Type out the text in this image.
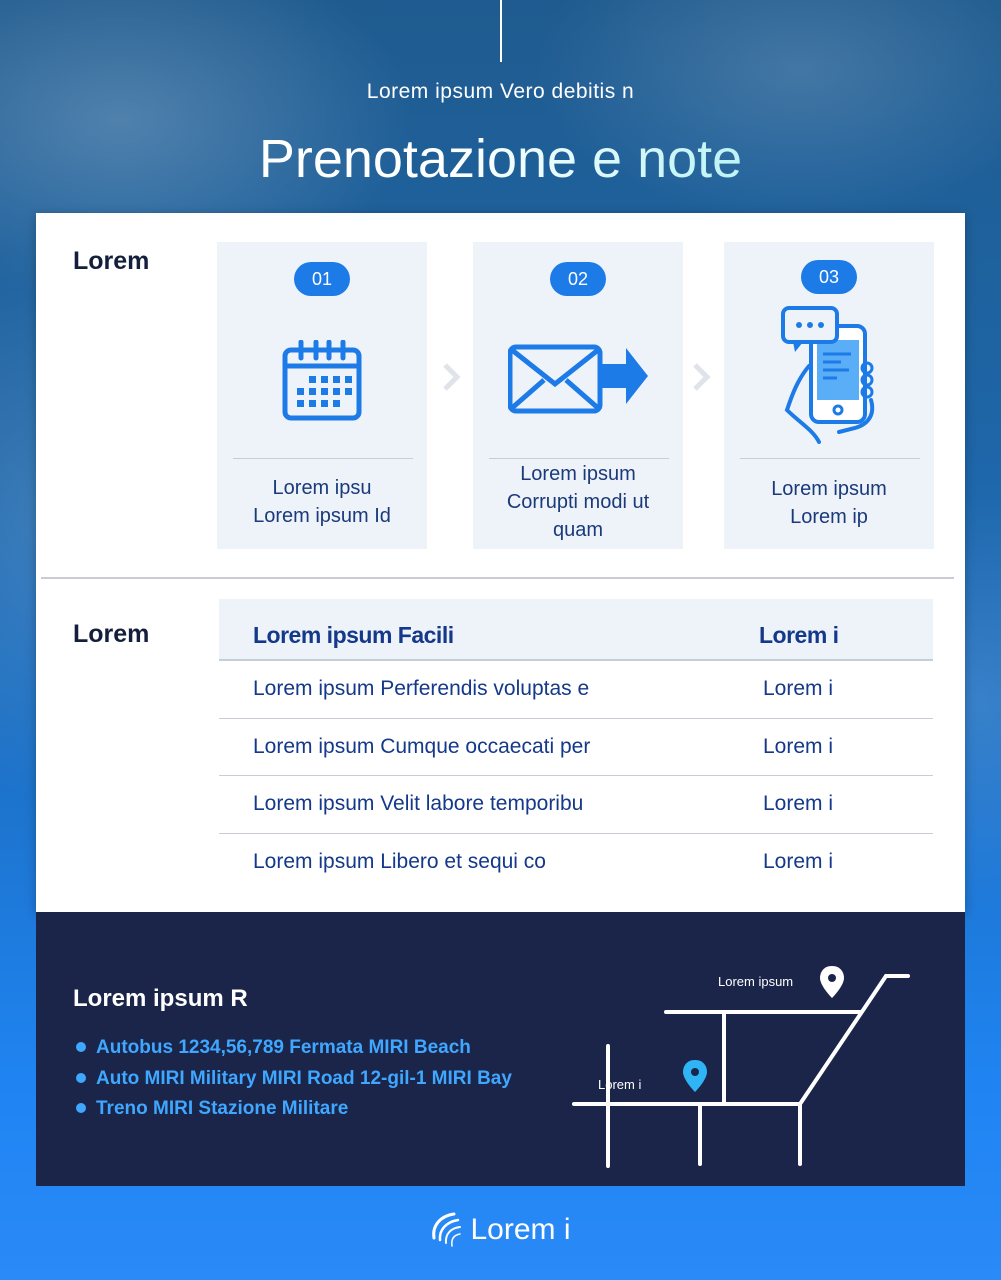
Lorem ipsum Vero debitis n
Prenotazione e note
Lorem
01
Lorem ipsu
Lorem ipsum Id
02
Lorem ipsum
Corrupti modi ut
quam
03
Lorem ipsum
Lorem ip
Lorem	Lorem ipsum Facili	Lorem i
Lorem ipsum Perferendis voluptas e	Lorem i
Lorem ipsum Cumque occaecati per	Lorem i
Lorem ipsum Velit labore temporibu	Lorem i
Lorem ipsum Libero et sequi co	Lorem i
Lorem ipsum R
Autobus 1234,56,789 Fermata MIRI Beach
Auto MIRI Military MIRI Road 12-gil-1 MIRI Bay
Treno MIRI Stazione Militare
Lorem ipsum
Lorem i
Lorem i
